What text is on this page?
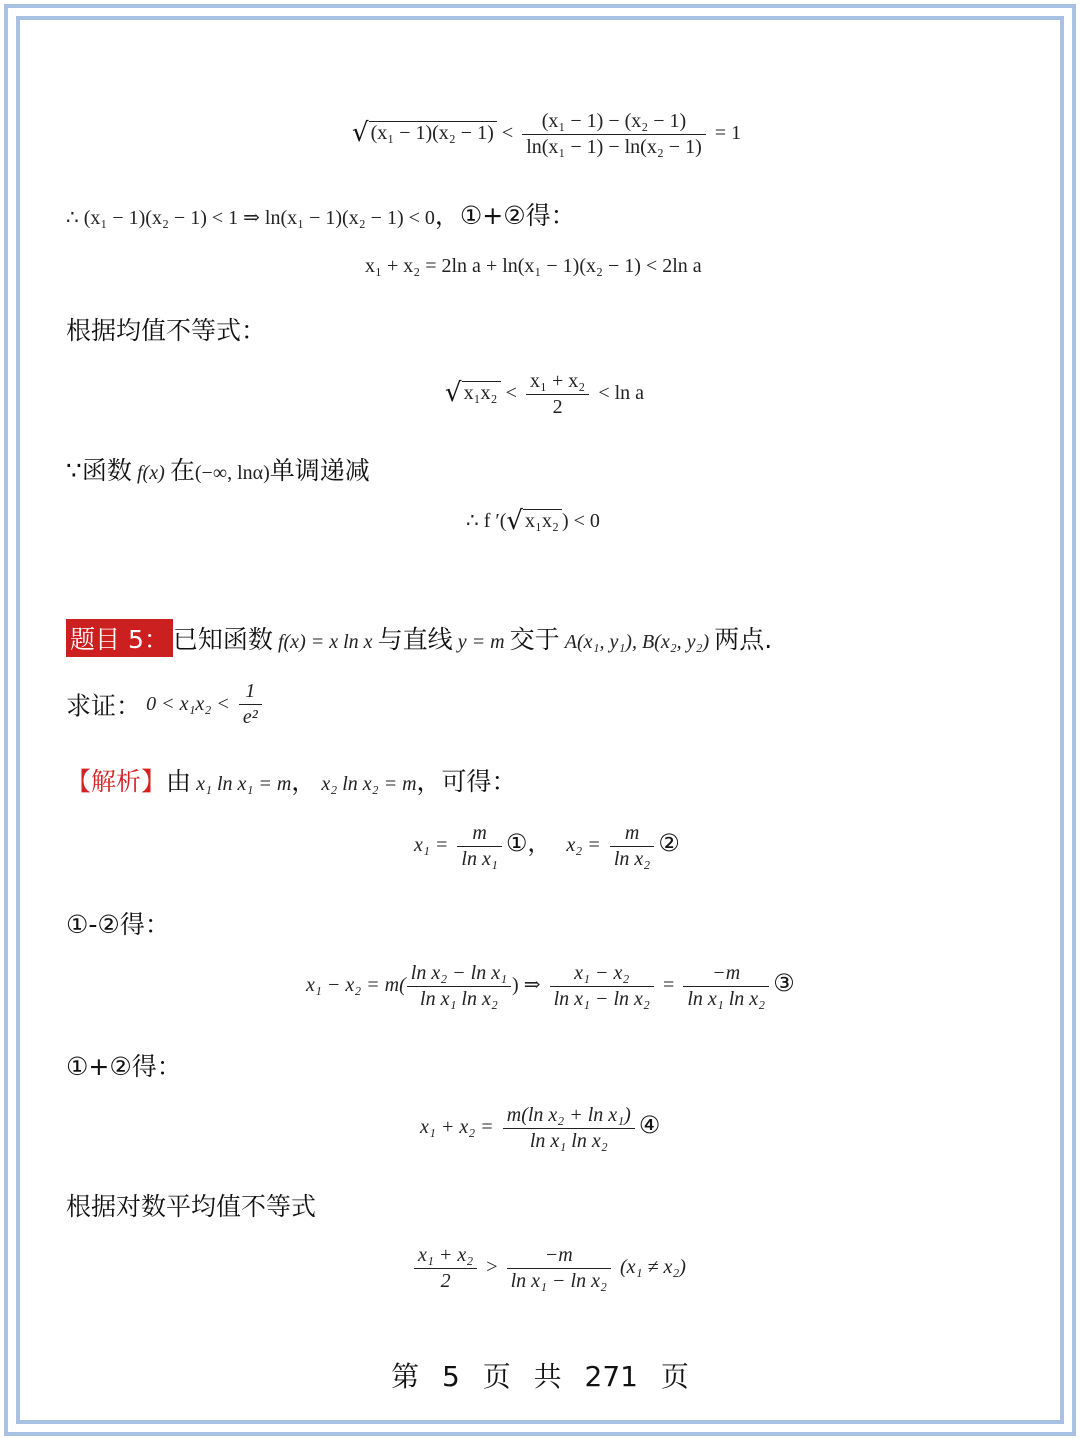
√ $(x_1 - 1)(x_2 - 1) < \frac{\text{(x₁ − 1) − (x₂ − 1)}}{\text{ln(x₁ − 1) − ln(x₂ − 1)}} = 1$
∴ (x₁ − 1)(x₂ − 1) < 1 ⇒ ln(x₁ − 1)(x₂ − 1) < 0，①+②得：
x₁ + x₂ = 2ln a + ln(x₁ − 1)(x₂ − 1) < 2ln a
根据均值不等式：
√ $x_1x_2 < \frac{\text{x₁ + x₂}}{2} < \ln a$
∵函数 f(x) 在(−∞, lnα)单调递减
∴ f ′(√ x₁x₂ ) < 0
题目 5： 已知函数 f(x) = x ln x 与直线 y = m 交于 A(x₁, y₁), B(x₂, y₂) 两点.
求证： $0 < x_1x_2 < \frac{1}{\text{e²}}$
【解析】由 x₁ ln x₁ = m， x₂ ln x₂ = m，可得：
$x_1 = \frac{m}{\text{ln x₁}}$ ①， $x_2 = \frac{m}{\text{ln x₂}}$ ②
①-②得：
$x_1 - x_2 = m( \frac{\text{ln x₂ − ln x₁}}{\text{ln x₁ ln x₂}}$ ) ⇒ $\frac{\text{x₁ − x₂}}{\text{ln x₁ − ln x₂}} = \frac{-m}{\text{ln x₁ ln x₂}}$ ③
①+②得：
$x_1 + x_2 = \frac{\text{m(ln x₂ + ln x₁)}}{\text{ln x₁ ln x₂}}$ ④
根据对数平均值不等式
$\frac{\text{x₁ + x₂}}{2} > \frac{-m}{\text{ln x₁ − ln x₂}} (x_1 \ne x_2)$
第 5 页 共 271 页
